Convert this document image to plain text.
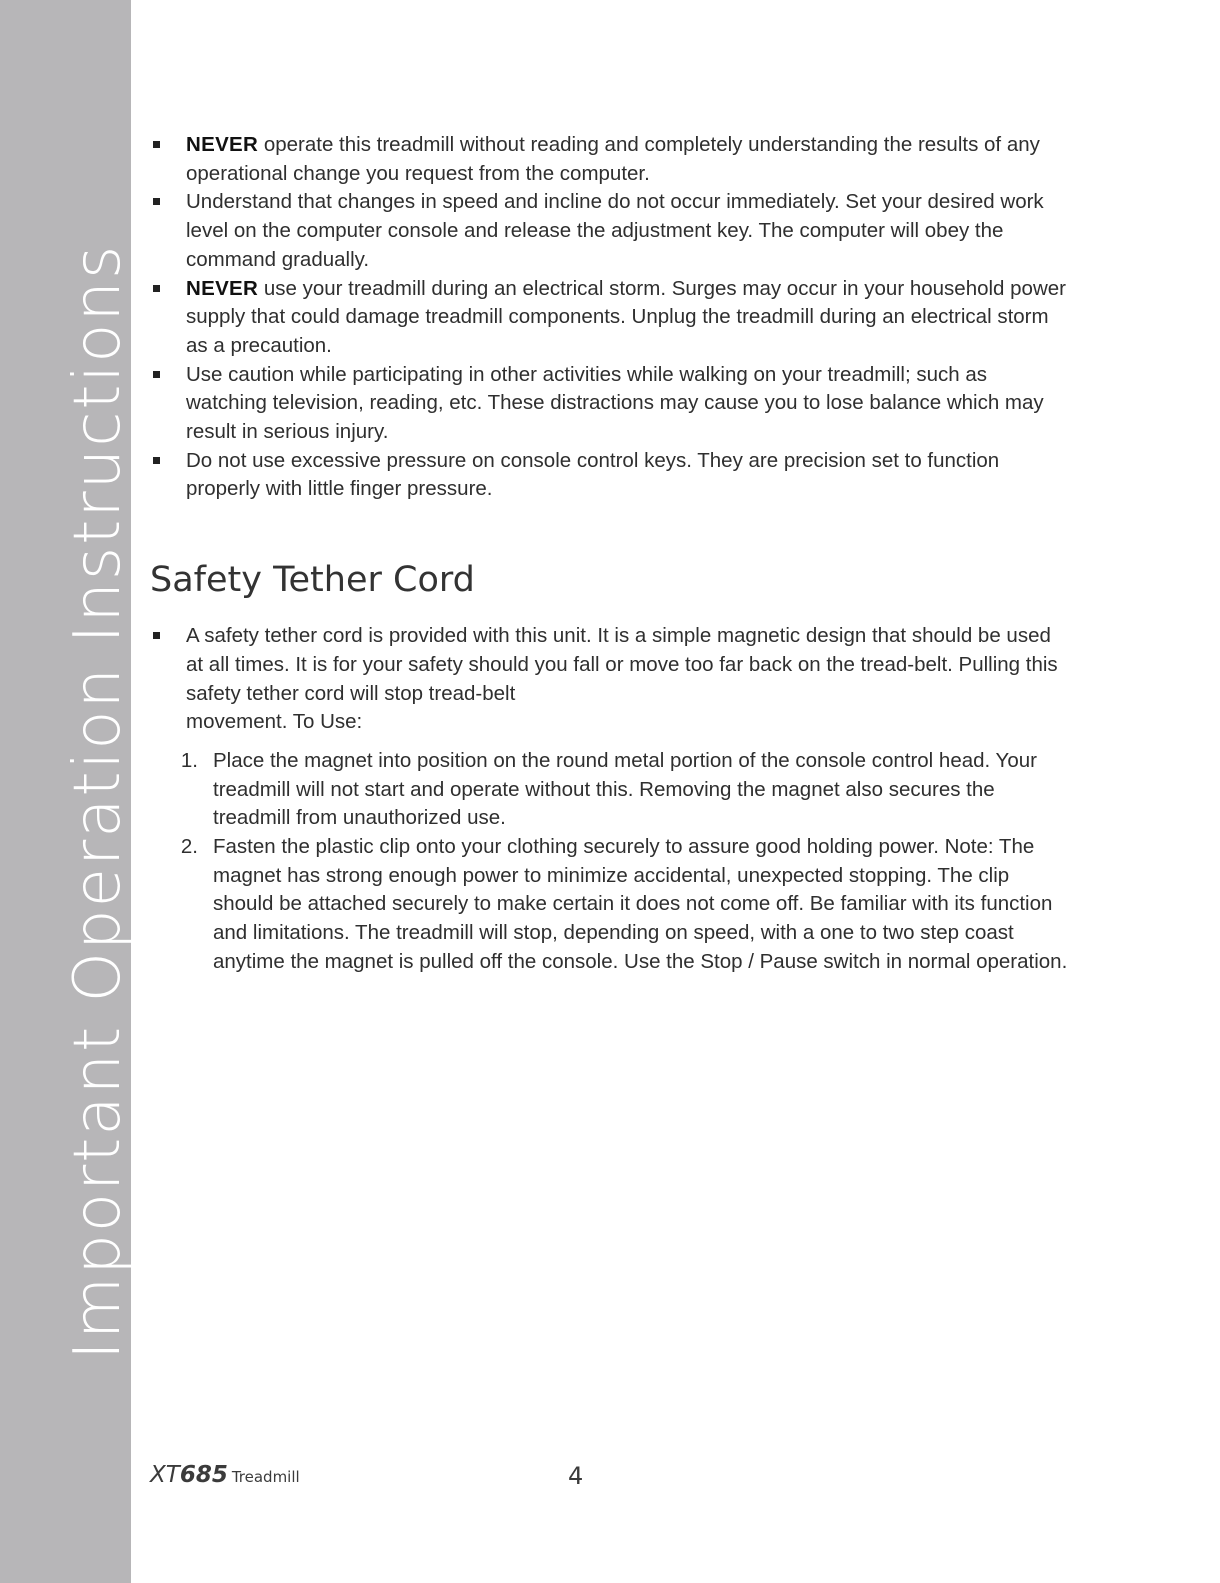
Important Operation Instructions
NEVER operate this treadmill without reading and completely understanding the results of any operational change you request from the computer.
Understand that changes in speed and incline do not occur immediately. Set your desired work level on the computer console and release the adjustment key. The computer will obey the command gradually.
NEVER use your treadmill during an electrical storm. Surges may occur in your household power supply that could damage treadmill components. Unplug the treadmill during an electrical storm as a precaution.
Use caution while participating in other activities while walking on your treadmill; such as watching television, reading, etc. These distractions may cause you to lose balance which may result in serious injury.
Do not use excessive pressure on console control keys. They are precision set to function properly with little finger pressure.
Safety Tether Cord
A safety tether cord is provided with this unit. It is a simple magnetic design that should be used at all times. It is for your safety should you fall or move too far back on the tread-belt. Pulling this safety tether cord will stop tread-belt
movement. To Use:
1. Place the magnet into position on the round metal portion of the console control head. Your treadmill will not start and operate without this. Removing the magnet also secures the treadmill from unauthorized use.
2. Fasten the plastic clip onto your clothing securely to assure good holding power. Note: The magnet has strong enough power to minimize accidental, unexpected stopping. The clip should be attached securely to make certain it does not come off. Be familiar with its function and limitations. The treadmill will stop, depending on speed, with a one to two step coast anytime the magnet is pulled off the console. Use the Stop / Pause switch in normal operation.
XT685 Treadmill	4
